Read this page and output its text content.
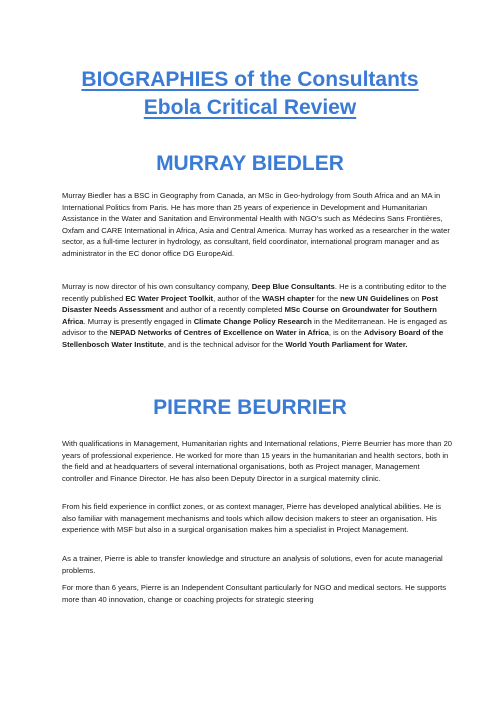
BIOGRAPHIES of the Consultants
Ebola Critical Review
MURRAY BIEDLER

Murray Biedler has a BSC in Geography from Canada, an MSc in Geo-hydrology from South Africa and an MA in International Politics from Paris. He has more than 25 years of experience in Development and Humanitarian Assistance in the Water and Sanitation and Environmental Health with NGO’s such as Médecins Sans Frontières, Oxfam and CARE International in Africa, Asia and Central America. Murray has worked as a researcher in the water sector, as a full-time lecturer in hydrology, as consultant, field coordinator, international program manager and as administrator in the EC donor office DG EuropeAid.

Murray is now director of his own consultancy company, Deep Blue Consultants. He is a contributing editor to the recently published EC Water Project Toolkit, author of the WASH chapter for the new UN Guidelines on Post Disaster Needs Assessment and author of a recently completed MSc Course on Groundwater for Southern Africa. Murray is presently engaged in Climate Change Policy Research in the Mediterranean. He is engaged as advisor to the NEPAD Networks of Centres of Excellence on Water in Africa, is on the Advisory Board of the Stellenbosch Water Institute, and is the technical advisor for the World Youth Parliament for Water.

PIERRE BEURRIER

With qualifications in Management, Humanitarian rights and International relations, Pierre Beurrier has more than 20 years of professional experience. He worked for more than 15 years in the humanitarian and health sectors, both in the field and at headquarters of several international organisations, both as Project manager, Management controller and Finance Director. He has also been Deputy Director in a surgical maternity clinic.

From his field experience in conflict zones, or as context manager, Pierre has developed analytical abilities. He is also familiar with management mechanisms and tools which allow decision makers to steer an organisation. His experience with MSF but also in a surgical organisation makes him a specialist in Project Management.

As a trainer, Pierre is able to transfer knowledge and structure an analysis of solutions, even for acute managerial problems.

For more than 6 years, Pierre is an Independent Consultant particularly for NGO and medical sectors. He supports more than 40 innovation, change or coaching projects for strategic steering
